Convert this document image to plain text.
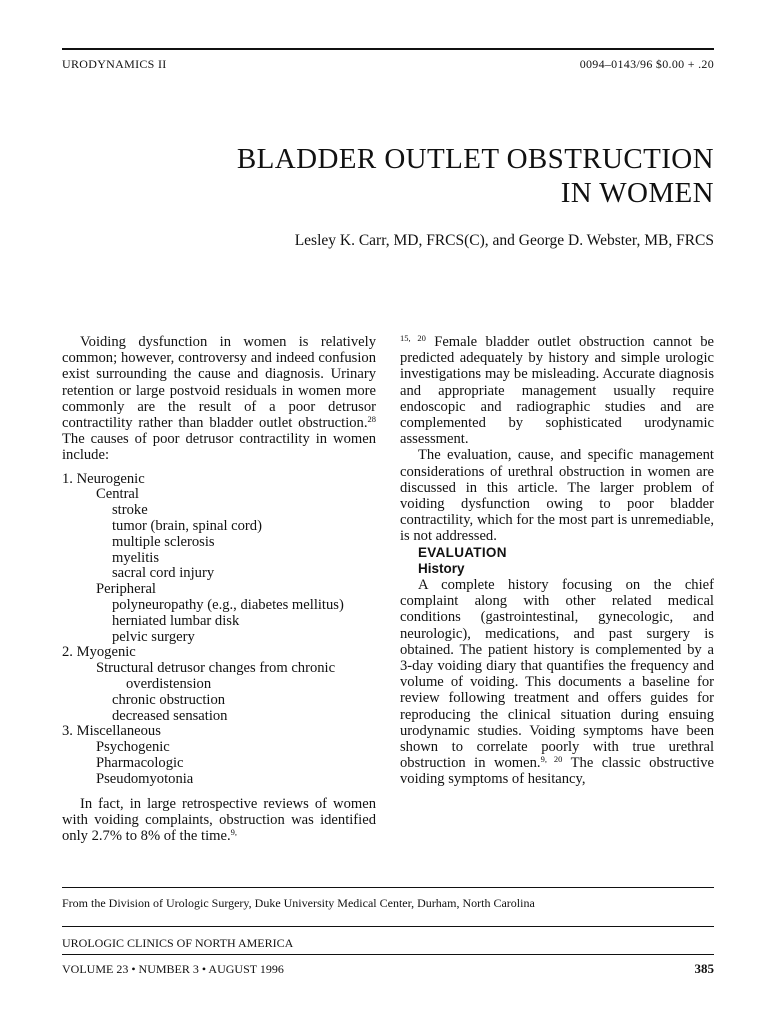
URODYNAMICS II	0094–0143/96 $0.00 + .20
BLADDER OUTLET OBSTRUCTION
IN WOMEN
Lesley K. Carr, MD, FRCS(C), and George D. Webster, MB, FRCS

Voiding dysfunction in women is relatively common; however, controversy and indeed confusion exist surrounding the cause and diagnosis. Urinary retention or large postvoid residuals in women more commonly are the result of a poor detrusor contractility rather than bladder outlet obstruction.$^{28}$ The causes of poor detrusor contractility in women include:

1. Neurogenic
Central
stroke
tumor (brain, spinal cord)
multiple sclerosis
myelitis
sacral cord injury
Peripheral
polyneuropathy (e.g., diabetes mellitus)
herniated lumbar disk
pelvic surgery
2. Myogenic
Structural detrusor changes from chronic
overdistension
chronic obstruction
decreased sensation
3. Miscellaneous
Psychogenic
Pharmacologic
Pseudomyotonia

In fact, in large retrospective reviews of women with voiding complaints, obstruction was identified only 2.7% to 8% of the time.$^{9,}$

$^{15, 20}$ Female bladder outlet obstruction cannot be predicted adequately by history and simple urologic investigations may be misleading. Accurate diagnosis and appropriate management usually require endoscopic and radiographic studies and are complemented by sophisticated urodynamic assessment.

The evaluation, cause, and specific management considerations of urethral obstruction in women are discussed in this article. The larger problem of voiding dysfunction owing to poor bladder contractility, which for the most part is unremediable, is not addressed.

EVALUATION

History

A complete history focusing on the chief complaint along with other related medical conditions (gastrointestinal, gynecologic, and neurologic), medications, and past surgery is obtained. The patient history is complemented by a 3-day voiding diary that quantifies the frequency and volume of voiding. This documents a baseline for review following treatment and offers guides for reproducing the clinical situation during ensuing urodynamic studies. Voiding symptoms have been shown to correlate poorly with true urethral obstruction in women.$^{9, 20}$ The classic obstructive voiding symptoms of hesitancy,

From the Division of Urologic Surgery, Duke University Medical Center, Durham, North Carolina
UROLOGIC CLINICS OF NORTH AMERICA
VOLUME 23 • NUMBER 3 • AUGUST 1996	385
